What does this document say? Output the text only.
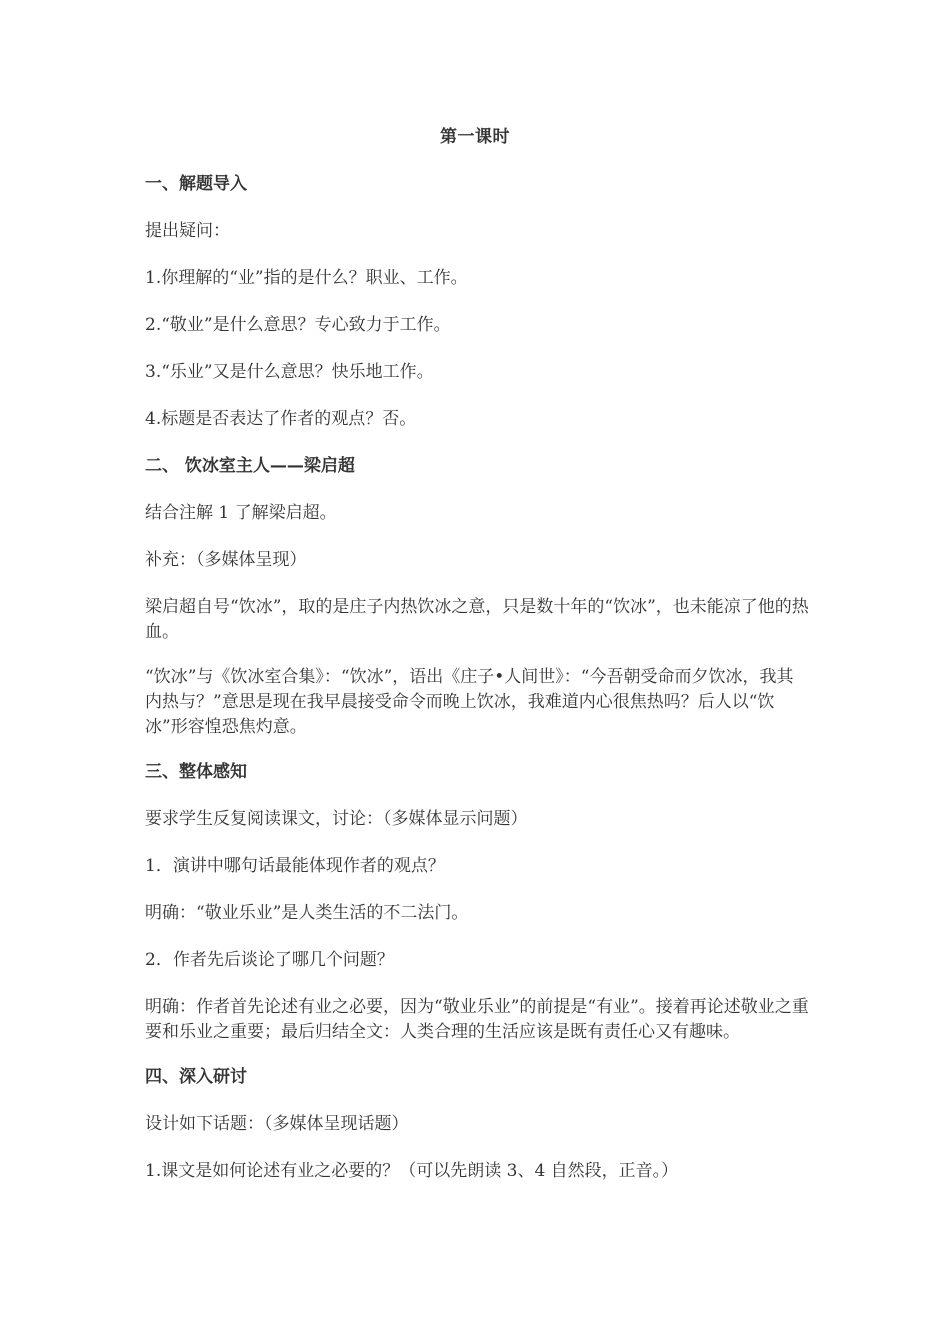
第一课时

一、解题导入

提出疑问：

1.你理解的“业”指的是什么？职业、工作。

2.“敬业”是什么意思？专心致力于工作。

3.“乐业”又是什么意思？快乐地工作。

4.标题是否表达了作者的观点？否。

二、 饮冰室主人——梁启超

结合注解 1 了解梁启超。

补充：（多媒体呈现）

梁启超自号“饮冰”，取的是庄子内热饮冰之意，只是数十年的“饮冰”，也未能凉了他的热血。

“饮冰”与《饮冰室合集》：“饮冰”，语出《庄子•人间世》：“今吾朝受命而夕饮冰，我其内热与？”意思是现在我早晨接受命令而晚上饮冰，我难道内心很焦热吗？后人以“饮冰”形容惶恐焦灼意。

三、整体感知

要求学生反复阅读课文，讨论：（多媒体显示问题）

1．演讲中哪句话最能体现作者的观点？

明确：“敬业乐业”是人类生活的不二法门。

2．作者先后谈论了哪几个问题？

明确：作者首先论述有业之必要，因为“敬业乐业”的前提是“有业”。接着再论述敬业之重要和乐业之重要；最后归结全文：人类合理的生活应该是既有责任心又有趣味。

四、深入研讨

设计如下话题：（多媒体呈现话题）

1.课文是如何论述有业之必要的？（可以先朗读 3、4 自然段，正音。）
